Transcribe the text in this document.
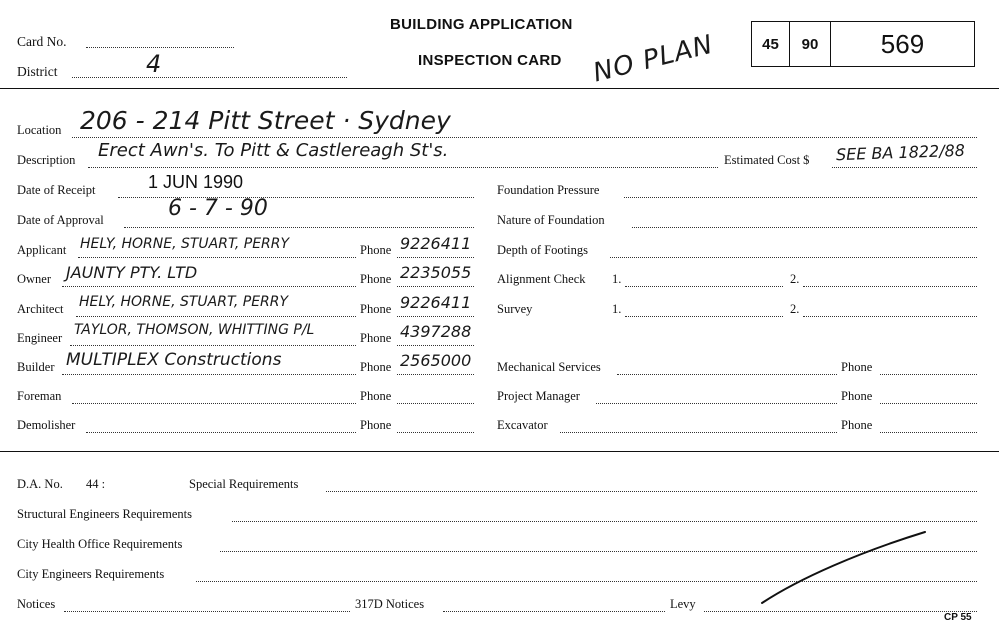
Card No.
District	4
BUILDING APPLICATION
INSPECTION CARD NO PLAN	45 90 569
Location 206 - 214 Pitt Street · Sydney
Description Erect Awn's. To Pitt & Castlereagh St's.	Estimated Cost $ SEE BA 1822/88
Date of Receipt	1 JUN 1990
Date of Approval	6 - 7 - 90
Applicant HELY, HORNE, STUART, PERRY	Phone 9226411
Owner JAUNTY PTY. LTD	Phone 2235055
Architect HELY, HORNE, STUART, PERRY	Phone 9226411
Engineer TAYLOR, THOMSON, WHITTING P/L	Phone 4397288
Builder MULTIPLEX Constructions	Phone 2565000
Foreman	Phone
Demolisher	Phone
Foundation Pressure
Nature of Foundation
Depth of Footings
Alignment Check 1.	2.
Survey	1.	2.
Mechanical Services	Phone
Project Manager	Phone
Excavator	Phone
D.A. No. 44 :	Special Requirements
Structural Engineers Requirements
City Health Office Requirements
City Engineers Requirements
Notices	317D Notices	Levy
CP 55
